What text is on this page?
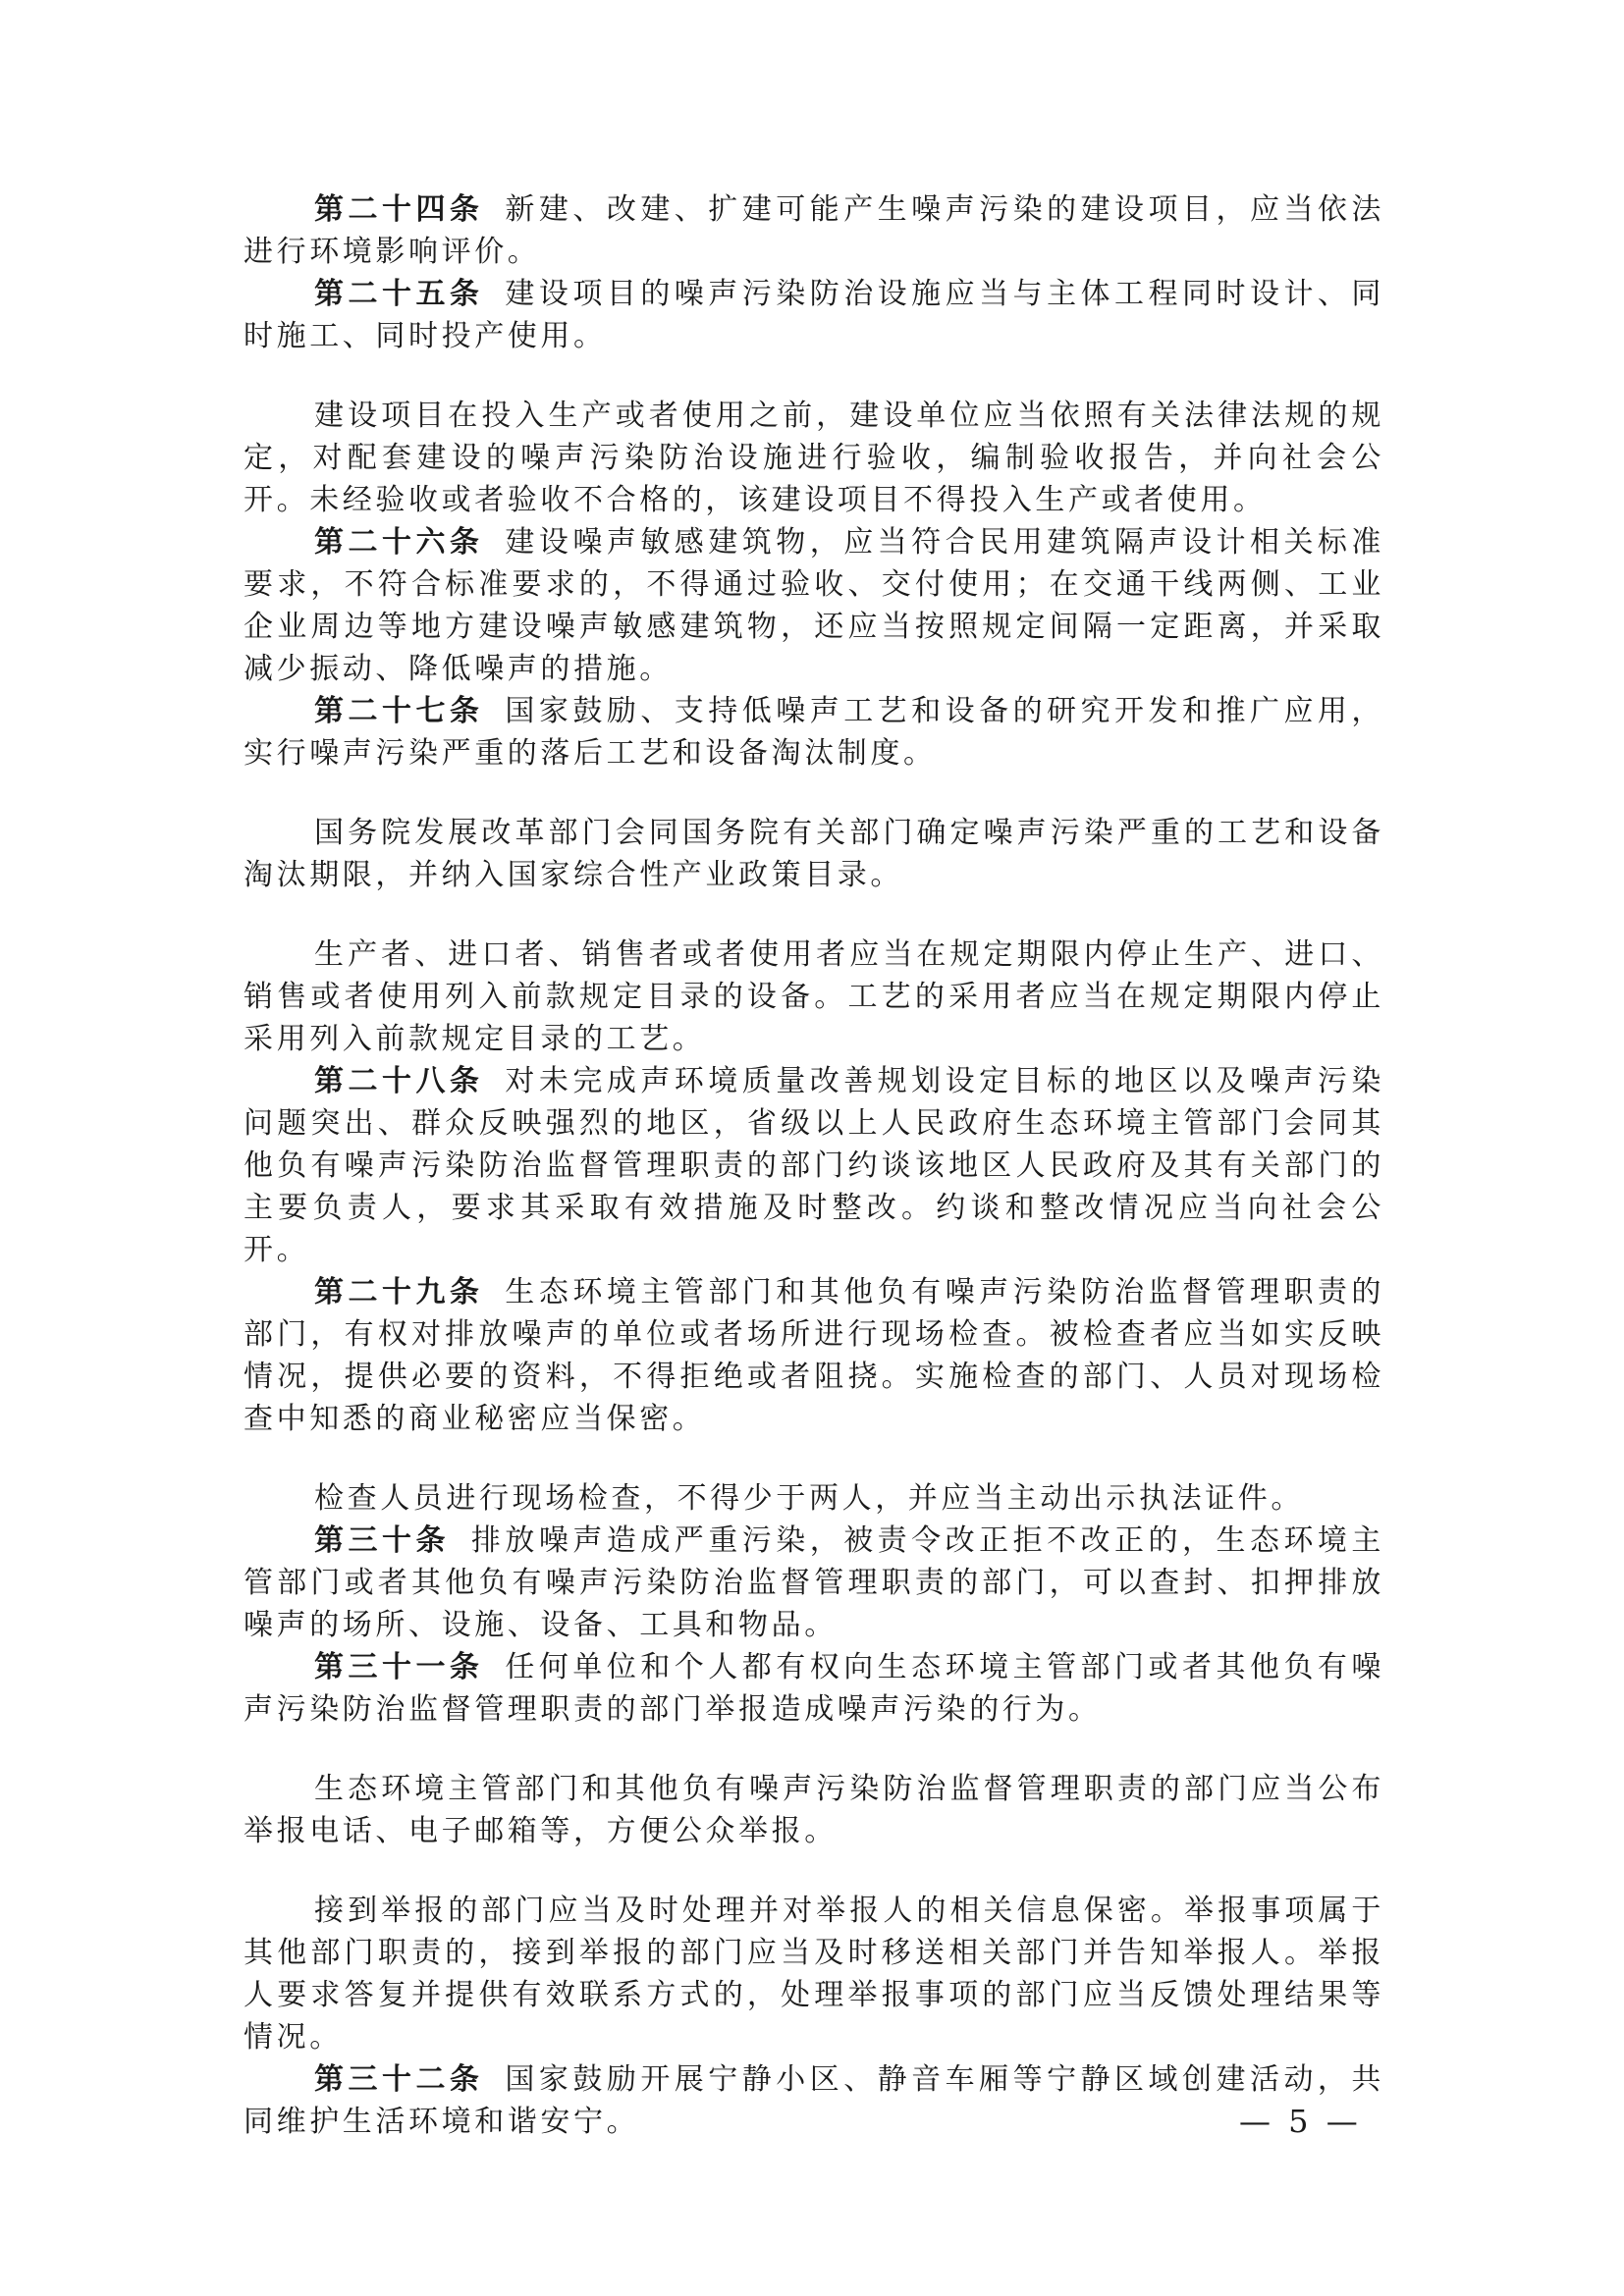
第二十四条 新建、改建、扩建可能产生噪声污染的建设项目，应当依法进行环境影响评价。

第二十五条 建设项目的噪声污染防治设施应当与主体工程同时设计、同时施工、同时投产使用。

建设项目在投入生产或者使用之前，建设单位应当依照有关法律法规的规定，对配套建设的噪声污染防治设施进行验收，编制验收报告，并向社会公开。未经验收或者验收不合格的，该建设项目不得投入生产或者使用。

第二十六条 建设噪声敏感建筑物，应当符合民用建筑隔声设计相关标准要求，不符合标准要求的，不得通过验收、交付使用；在交通干线两侧、工业企业周边等地方建设噪声敏感建筑物，还应当按照规定间隔一定距离，并采取减少振动、降低噪声的措施。

第二十七条 国家鼓励、支持低噪声工艺和设备的研究开发和推广应用，实行噪声污染严重的落后工艺和设备淘汰制度。

国务院发展改革部门会同国务院有关部门确定噪声污染严重的工艺和设备淘汰期限，并纳入国家综合性产业政策目录。

生产者、进口者、销售者或者使用者应当在规定期限内停止生产、进口、销售或者使用列入前款规定目录的设备。工艺的采用者应当在规定期限内停止采用列入前款规定目录的工艺。

第二十八条 对未完成声环境质量改善规划设定目标的地区以及噪声污染问题突出、群众反映强烈的地区，省级以上人民政府生态环境主管部门会同其他负有噪声污染防治监督管理职责的部门约谈该地区人民政府及其有关部门的主要负责人，要求其采取有效措施及时整改。约谈和整改情况应当向社会公开。

第二十九条 生态环境主管部门和其他负有噪声污染防治监督管理职责的部门，有权对排放噪声的单位或者场所进行现场检查。被检查者应当如实反映情况，提供必要的资料，不得拒绝或者阻挠。实施检查的部门、人员对现场检查中知悉的商业秘密应当保密。

检查人员进行现场检查，不得少于两人，并应当主动出示执法证件。

第三十条 排放噪声造成严重污染，被责令改正拒不改正的，生态环境主管部门或者其他负有噪声污染防治监督管理职责的部门，可以查封、扣押排放噪声的场所、设施、设备、工具和物品。

第三十一条 任何单位和个人都有权向生态环境主管部门或者其他负有噪声污染防治监督管理职责的部门举报造成噪声污染的行为。

生态环境主管部门和其他负有噪声污染防治监督管理职责的部门应当公布举报电话、电子邮箱等，方便公众举报。

接到举报的部门应当及时处理并对举报人的相关信息保密。举报事项属于其他部门职责的，接到举报的部门应当及时移送相关部门并告知举报人。举报人要求答复并提供有效联系方式的，处理举报事项的部门应当反馈处理结果等情况。

第三十二条 国家鼓励开展宁静小区、静音车厢等宁静区域创建活动，共同维护生活环境和谐安宁。	— 5 —
